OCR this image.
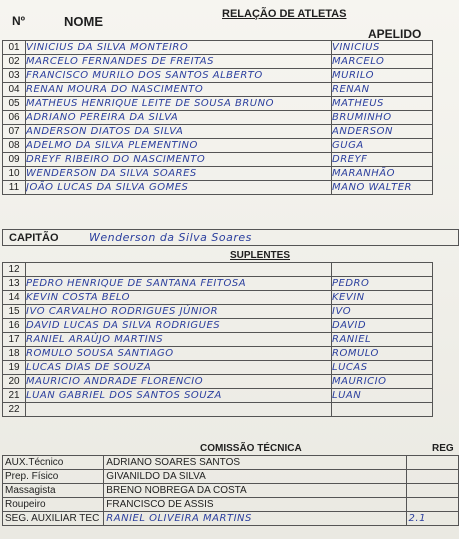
Nº	NOME	RELAÇÃO DE ATLETAS
APELIDO
01	VINICIUS DA SILVA MONTEIRO	VINICIUS
02	MARCELO FERNANDES DE FREITAS	MARCELO
03	FRANCISCO MURILO DOS SANTOS ALBERTO	MURILO
04	RENAN MOURA DO NASCIMENTO	RENAN
05	MATHEUS HENRIQUE LEITE DE SOUSA BRUNO	MATHEUS
06	ADRIANO PEREIRA DA SILVA	BRUMINHO
07	ANDERSON DIATOS DA SILVA	ANDERSON
08	ADELMO DA SILVA PLEMENTINO	GUGA
09	DREYF RIBEIRO DO NASCIMENTO	DREYF
10	WENDERSON DA SILVA SOARES	MARANHÃO
11	JOÃO LUCAS DA SILVA GOMES	MANO WALTER
CAPITÃO	Wenderson da Silva Soares
SUPLENTES
12		
13	PEDRO HENRIQUE DE SANTANA FEITOSA	PEDRO
14	KEVIN COSTA BELO	KEVIN
15	IVO CARVALHO RODRIGUES JÚNIOR	IVO
16	DAVID LUCAS DA SILVA RODRIGUES	DAVID
17	RANIEL ARAÚJO MARTINS	RANIEL
18	ROMULO SOUSA SANTIAGO	ROMULO
19	LUCAS DIAS DE SOUZA	LUCAS
20	MAURICIO ANDRADE FLORENCIO	MAURICIO
21	LUAN GABRIEL DOS SANTOS SOUZA	LUAN
22		
COMISSÃO TÉCNICA	REG
AUX.Técnico	ADRIANO SOARES SANTOS	
Prep. Físico	GIVANILDO DA SILVA	
Massagista	BRENO NOBREGA DA COSTA	
Roupeiro	FRANCISCO DE ASSIS	
SEG. AUXILIAR TEC	RANIEL OLIVEIRA MARTINS	2.1
